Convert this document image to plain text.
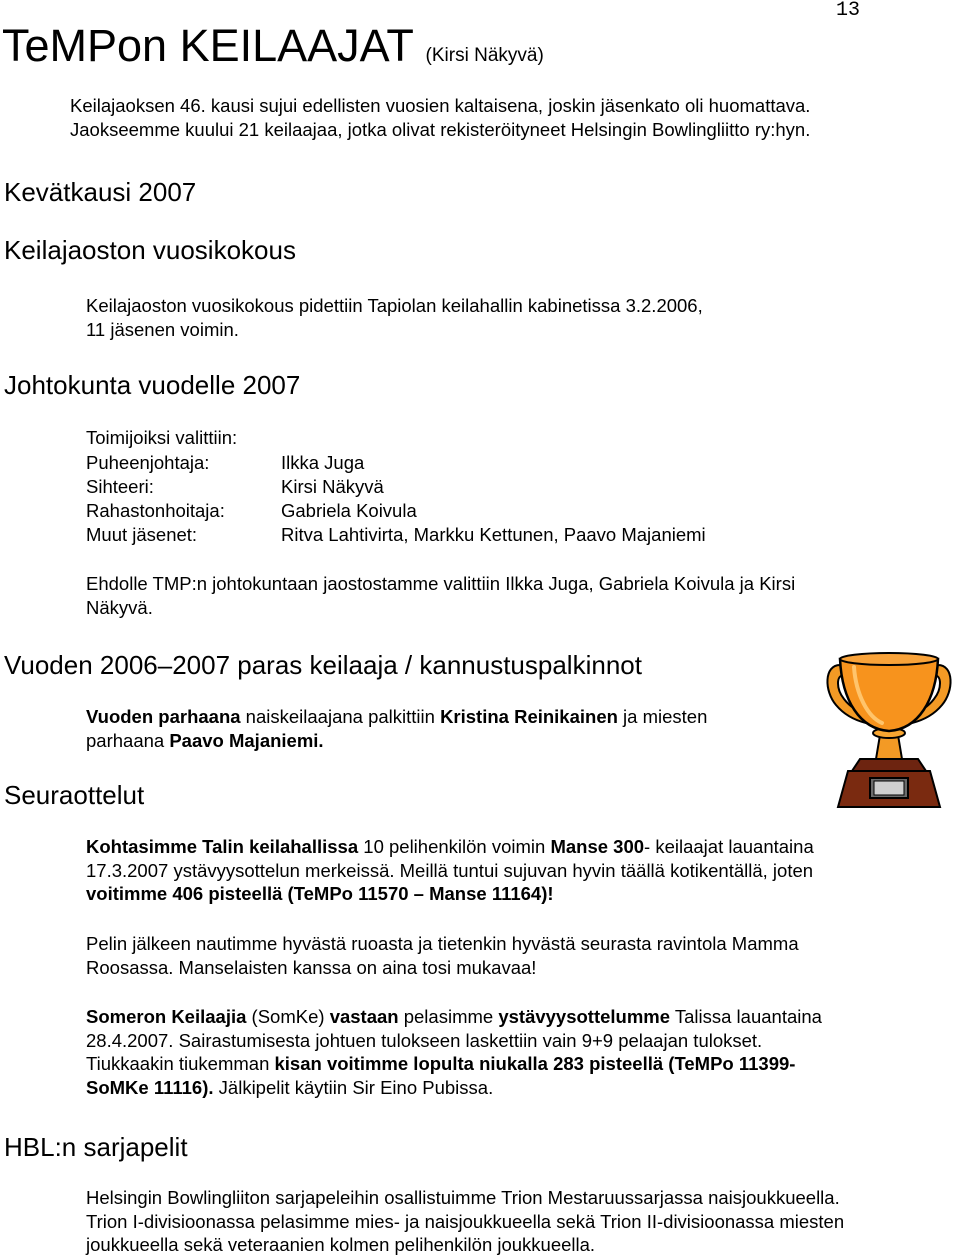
13
TeMPon KEILAAJAT (Kirsi Näkyvä)
Keilajaoksen 46. kausi sujui edellisten vuosien kaltaisena, joskin jäsenkato oli huomattava.
Jaokseemme kuului 21 keilaajaa, jotka olivat rekisteröityneet Helsingin Bowlingliitto ry:hyn.
Kevätkausi 2007
Keilajaoston vuosikokous
Keilajaoston vuosikokous pidettiin Tapiolan keilahallin kabinetissa 3.2.2006,
11 jäsenen voimin.
Johtokunta vuodelle 2007
Toimijoiksi valittiin:
Puheenjohtaja:	Ilkka Juga
Sihteeri:	Kirsi Näkyvä
Rahastonhoitaja:	Gabriela Koivula
Muut jäsenet:	Ritva Lahtivirta, Markku Kettunen, Paavo Majaniemi
Ehdolle TMP:n johtokuntaan jaostostamme valittiin Ilkka Juga, Gabriela Koivula ja Kirsi
Näkyvä.
Vuoden 2006–2007 paras keilaaja / kannustuspalkinnot
Vuoden parhaana naiskeilaajana palkittiin Kristina Reinikainen ja miesten
parhaana Paavo Majaniemi.
Seuraottelut
Kohtasimme Talin keilahallissa 10 pelihenkilön voimin Manse 300- keilaajat lauantaina
17.3.2007 ystävyysottelun merkeissä. Meillä tuntui sujuvan hyvin täällä kotikentällä, joten
voitimme 406 pisteellä (TeMPo 11570 – Manse 11164)!
Pelin jälkeen nautimme hyvästä ruoasta ja tietenkin hyvästä seurasta ravintola Mamma
Roosassa. Manselaisten kanssa on aina tosi mukavaa!
Someron Keilaajia (SomKe) vastaan pelasimme ystävyysottelumme Talissa lauantaina
28.4.2007. Sairastumisesta johtuen tulokseen laskettiin vain 9+9 pelaajan tulokset.
Tiukkaakin tiukemman kisan voitimme lopulta niukalla 283 pisteellä (TeMPo 11399-
SoMKe 11116). Jälkipelit käytiin Sir Eino Pubissa.
HBL:n sarjapelit
Helsingin Bowlingliiton sarjapeleihin osallistuimme Trion Mestaruussarjassa naisjoukkueella.
Trion I-divisioonassa pelasimme mies- ja naisjoukkueella sekä Trion II-divisioonassa miesten
joukkueella sekä veteraanien kolmen pelihenkilön joukkueella.
